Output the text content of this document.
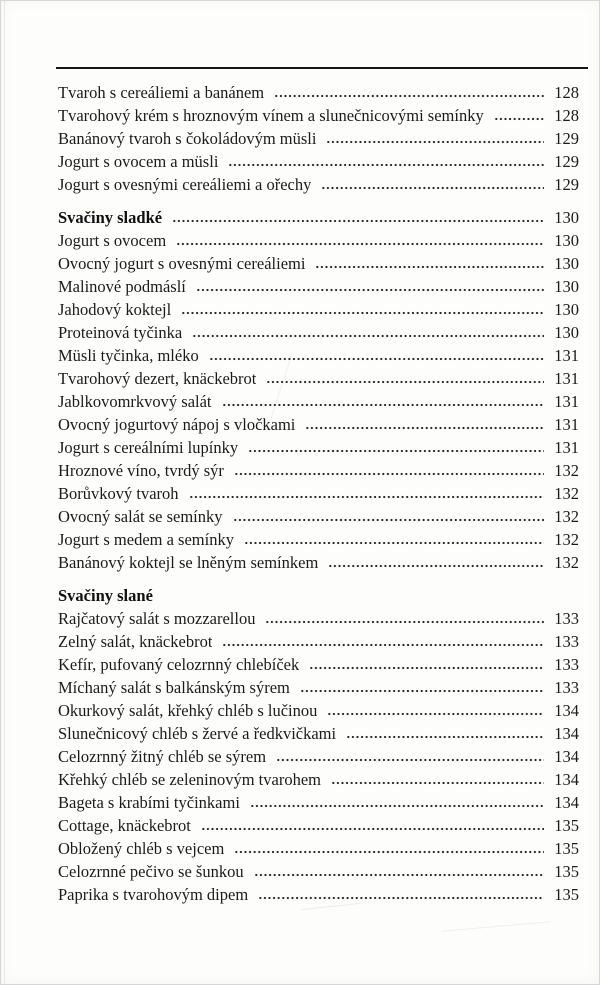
Tvaroh s cereáliemi a banánem	128
Tvarohový krém s hroznovým vínem a slunečnicovými semínky	128
Banánový tvaroh s čokoládovým müsli	129
Jogurt s ovocem a müsli	129
Jogurt s ovesnými cereáliemi a ořechy	129
Svačiny sladké	130
Jogurt s ovocem	130
Ovocný jogurt s ovesnými cereáliemi	130
Malinové podmáslí	130
Jahodový koktejl	130
Proteinová tyčinka	130
Müsli tyčinka, mléko	131
Tvarohový dezert, knäckebrot	131
Jablkovomrkvový salát	131
Ovocný jogurtový nápoj s vločkami	131
Jogurt s cereálními lupínky	131
Hroznové víno, tvrdý sýr	132
Borůvkový tvaroh	132
Ovocný salát se semínky	132
Jogurt s medem a semínky	132
Banánový koktejl se lněným semínkem	132
Svačiny slané
Rajčatový salát s mozzarellou	133
Zelný salát, knäckebrot	133
Kefír, pufovaný celozrnný chlebíček	133
Míchaný salát s balkánským sýrem	133
Okurkový salát, křehký chléb s lučinou	134
Slunečnicový chléb s žervé a ředkvičkami	134
Celozrnný žitný chléb se sýrem	134
Křehký chléb se zeleninovým tvarohem	134
Bageta s krabími tyčinkami	134
Cottage, knäckebrot	135
Obložený chléb s vejcem	135
Celozrnné pečivo se šunkou	135
Paprika s tvarohovým dipem	135
